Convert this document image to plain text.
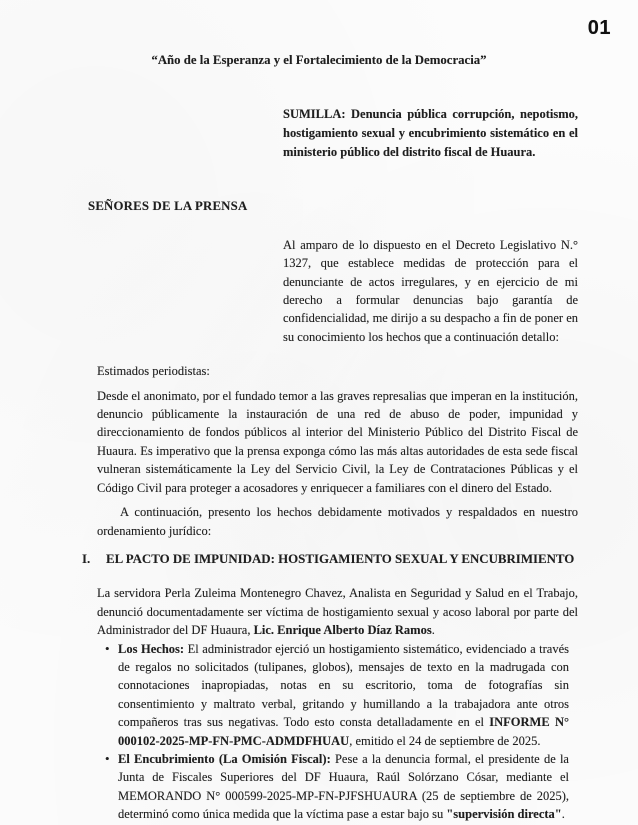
01
“Año de la Esperanza y el Fortalecimiento de la Democracia”

SUMILLA: Denuncia pública corrupción, nepotismo, hostigamiento sexual y encubrimiento sistemático en el ministerio público del distrito fiscal de Huaura.

SEÑORES DE LA PRENSA

Al amparo de lo dispuesto en el Decreto Legislativo N.° 1327, que establece medidas de protección para el denunciante de actos irregulares, y en ejercicio de mi derecho a formular denuncias bajo garantía de confidencialidad, me dirijo a su despacho a fin de poner en su conocimiento los hechos que a continuación detallo:

Estimados periodistas:

Desde el anonimato, por el fundado temor a las graves represalias que imperan en la institución, denuncio públicamente la instauración de una red de abuso de poder, impunidad y direccionamiento de fondos públicos al interior del Ministerio Público del Distrito Fiscal de Huaura. Es imperativo que la prensa exponga cómo las más altas autoridades de esta sede fiscal vulneran sistemáticamente la Ley del Servicio Civil, la Ley de Contrataciones Públicas y el Código Civil para proteger a acosadores y enriquecer a familiares con el dinero del Estado.

A continuación, presento los hechos debidamente motivados y respaldados en nuestro ordenamiento jurídico:

I.	EL PACTO DE IMPUNIDAD: HOSTIGAMIENTO SEXUAL Y ENCUBRIMIENTO

La servidora Perla Zuleima Montenegro Chavez, Analista en Seguridad y Salud en el Trabajo, denunció documentadamente ser víctima de hostigamiento sexual y acoso laboral por parte del Administrador del DF Huaura, Lic. Enrique Alberto Díaz Ramos.

• Los Hechos: El administrador ejerció un hostigamiento sistemático, evidenciado a través de regalos no solicitados (tulipanes, globos), mensajes de texto en la madrugada con connotaciones inapropiadas, notas en su escritorio, toma de fotografías sin consentimiento y maltrato verbal, gritando y humillando a la trabajadora ante otros compañeros tras sus negativas. Todo esto consta detalladamente en el INFORME N° 000102-2025-MP-FN-PMC-ADMDFHUAU, emitido el 24 de septiembre de 2025.
• El Encubrimiento (La Omisión Fiscal): Pese a la denuncia formal, el presidente de la Junta de Fiscales Superiores del DF Huaura, Raúl Solórzano Cósar, mediante el MEMORANDO N° 000599-2025-MP-FN-PJFSHUAURA (25 de septiembre de 2025), determinó como única medida que la víctima pase a estar bajo su "supervisión directa".
